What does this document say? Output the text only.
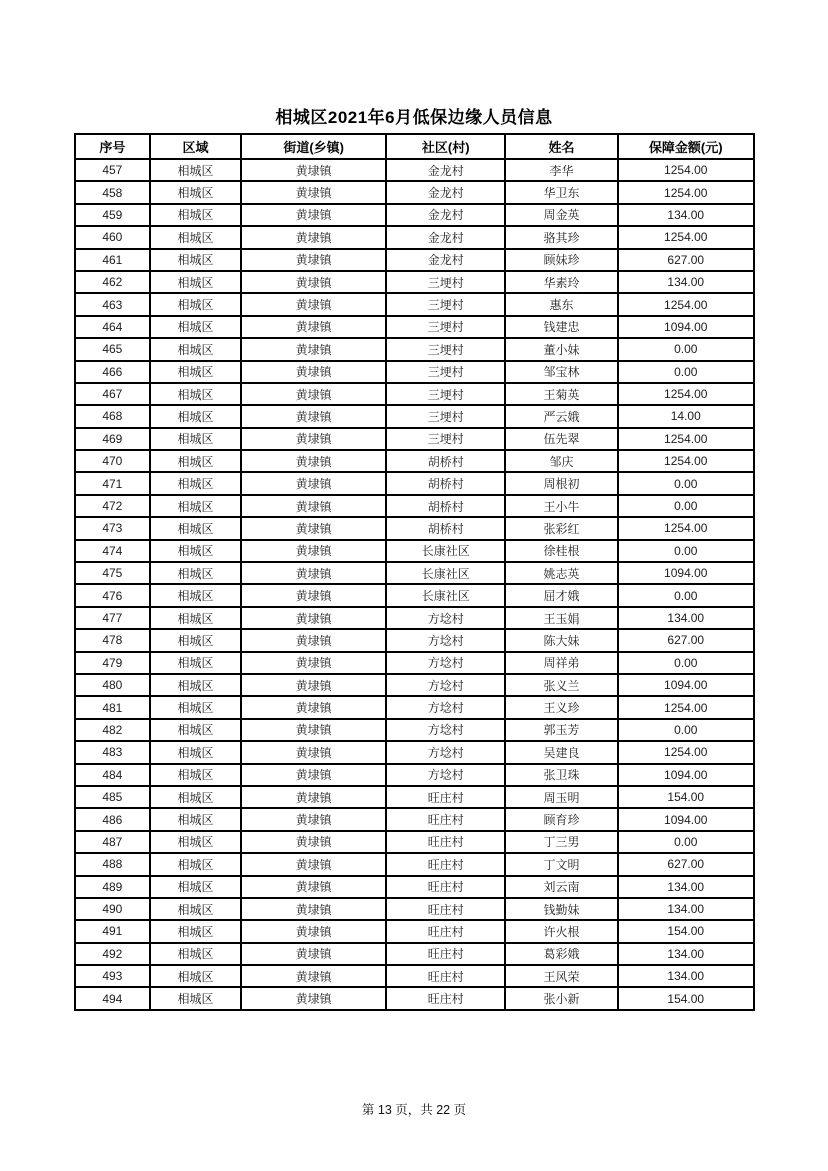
相城区2021年6月低保边缘人员信息
序号	区域	街道(乡镇)	社区(村)	姓名	保障金额(元)
457	相城区	黄埭镇	金龙村	李华	1254.00
458	相城区	黄埭镇	金龙村	华卫东	1254.00
459	相城区	黄埭镇	金龙村	周金英	134.00
460	相城区	黄埭镇	金龙村	骆其珍	1254.00
461	相城区	黄埭镇	金龙村	顾妹珍	627.00
462	相城区	黄埭镇	三埂村	华素玲	134.00
463	相城区	黄埭镇	三埂村	惠东	1254.00
464	相城区	黄埭镇	三埂村	钱建忠	1094.00
465	相城区	黄埭镇	三埂村	董小妹	0.00
466	相城区	黄埭镇	三埂村	邹宝林	0.00
467	相城区	黄埭镇	三埂村	王菊英	1254.00
468	相城区	黄埭镇	三埂村	严云娥	14.00
469	相城区	黄埭镇	三埂村	伍先翠	1254.00
470	相城区	黄埭镇	胡桥村	邹庆	1254.00
471	相城区	黄埭镇	胡桥村	周根初	0.00
472	相城区	黄埭镇	胡桥村	王小牛	0.00
473	相城区	黄埭镇	胡桥村	张彩红	1254.00
474	相城区	黄埭镇	长康社区	徐桂根	0.00
475	相城区	黄埭镇	长康社区	姚志英	1094.00
476	相城区	黄埭镇	长康社区	屈才娥	0.00
477	相城区	黄埭镇	方埝村	王玉娟	134.00
478	相城区	黄埭镇	方埝村	陈大妹	627.00
479	相城区	黄埭镇	方埝村	周祥弟	0.00
480	相城区	黄埭镇	方埝村	张义兰	1094.00
481	相城区	黄埭镇	方埝村	王义珍	1254.00
482	相城区	黄埭镇	方埝村	郭玉芳	0.00
483	相城区	黄埭镇	方埝村	吴建良	1254.00
484	相城区	黄埭镇	方埝村	张卫珠	1094.00
485	相城区	黄埭镇	旺庄村	周玉明	154.00
486	相城区	黄埭镇	旺庄村	顾育珍	1094.00
487	相城区	黄埭镇	旺庄村	丁三男	0.00
488	相城区	黄埭镇	旺庄村	丁文明	627.00
489	相城区	黄埭镇	旺庄村	刘云南	134.00
490	相城区	黄埭镇	旺庄村	钱勤妹	134.00
491	相城区	黄埭镇	旺庄村	许火根	154.00
492	相城区	黄埭镇	旺庄村	葛彩娥	134.00
493	相城区	黄埭镇	旺庄村	王风荣	134.00
494	相城区	黄埭镇	旺庄村	张小新	154.00
第 13 页，共 22 页
